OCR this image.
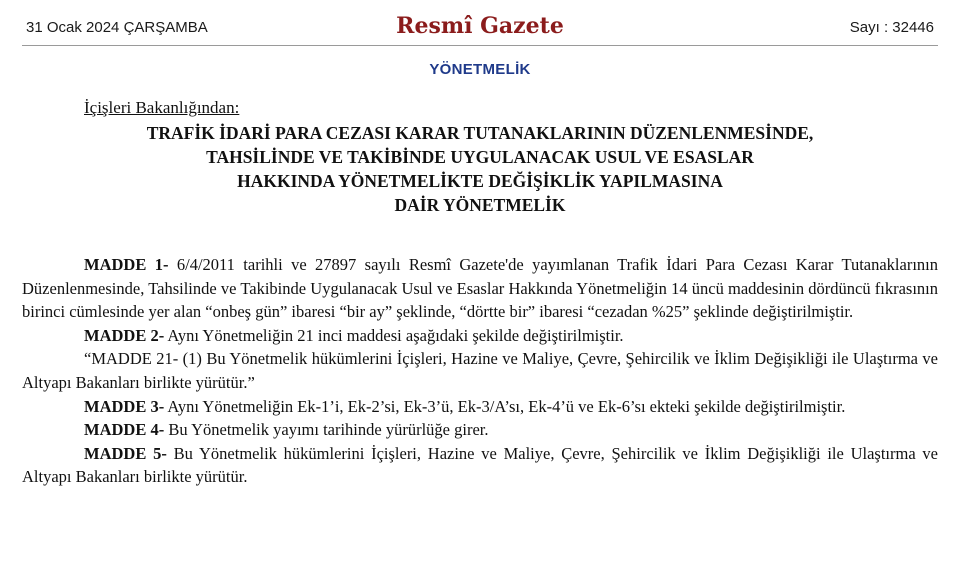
31 Ocak 2024 ÇARŞAMBA	Resmî Gazete	Sayı : 32446
YÖNETMELİK
İçişleri Bakanlığından:
TRAFİK İDARİ PARA CEZASI KARAR TUTANAKLARININ DÜZENLENMESİNDE,
TAHSİLİNDE VE TAKİBİNDE UYGULANACAK USUL VE ESASLAR
HAKKINDA YÖNETMELİKTE DEĞİŞİKLİK YAPILMASINA
DAİR YÖNETMELİK

MADDE 1- 6/4/2011 tarihli ve 27897 sayılı Resmî Gazete'de yayımlanan Trafik İdari Para Cezası Karar Tutanaklarının Düzenlenmesinde, Tahsilinde ve Takibinde Uygulanacak Usul ve Esaslar Hakkında Yönetmeliğin 14 üncü maddesinin dördüncü fıkrasının birinci cümlesinde yer alan “onbeş gün” ibaresi “bir ay” şeklinde, “dörtte bir” ibaresi “cezadan %25” şeklinde değiştirilmiştir.

MADDE 2- Aynı Yönetmeliğin 21 inci maddesi aşağıdaki şekilde değiştirilmiştir.

“MADDE 21- (1) Bu Yönetmelik hükümlerini İçişleri, Hazine ve Maliye, Çevre, Şehircilik ve İklim Değişikliği ile Ulaştırma ve Altyapı Bakanları birlikte yürütür.”

MADDE 3- Aynı Yönetmeliğin Ek-1’i, Ek-2’si, Ek-3’ü, Ek-3/A’sı, Ek-4’ü ve Ek-6’sı ekteki şekilde değiştirilmiştir.

MADDE 4- Bu Yönetmelik yayımı tarihinde yürürlüğe girer.

MADDE 5- Bu Yönetmelik hükümlerini İçişleri, Hazine ve Maliye, Çevre, Şehircilik ve İklim Değişikliği ile Ulaştırma ve Altyapı Bakanları birlikte yürütür.
